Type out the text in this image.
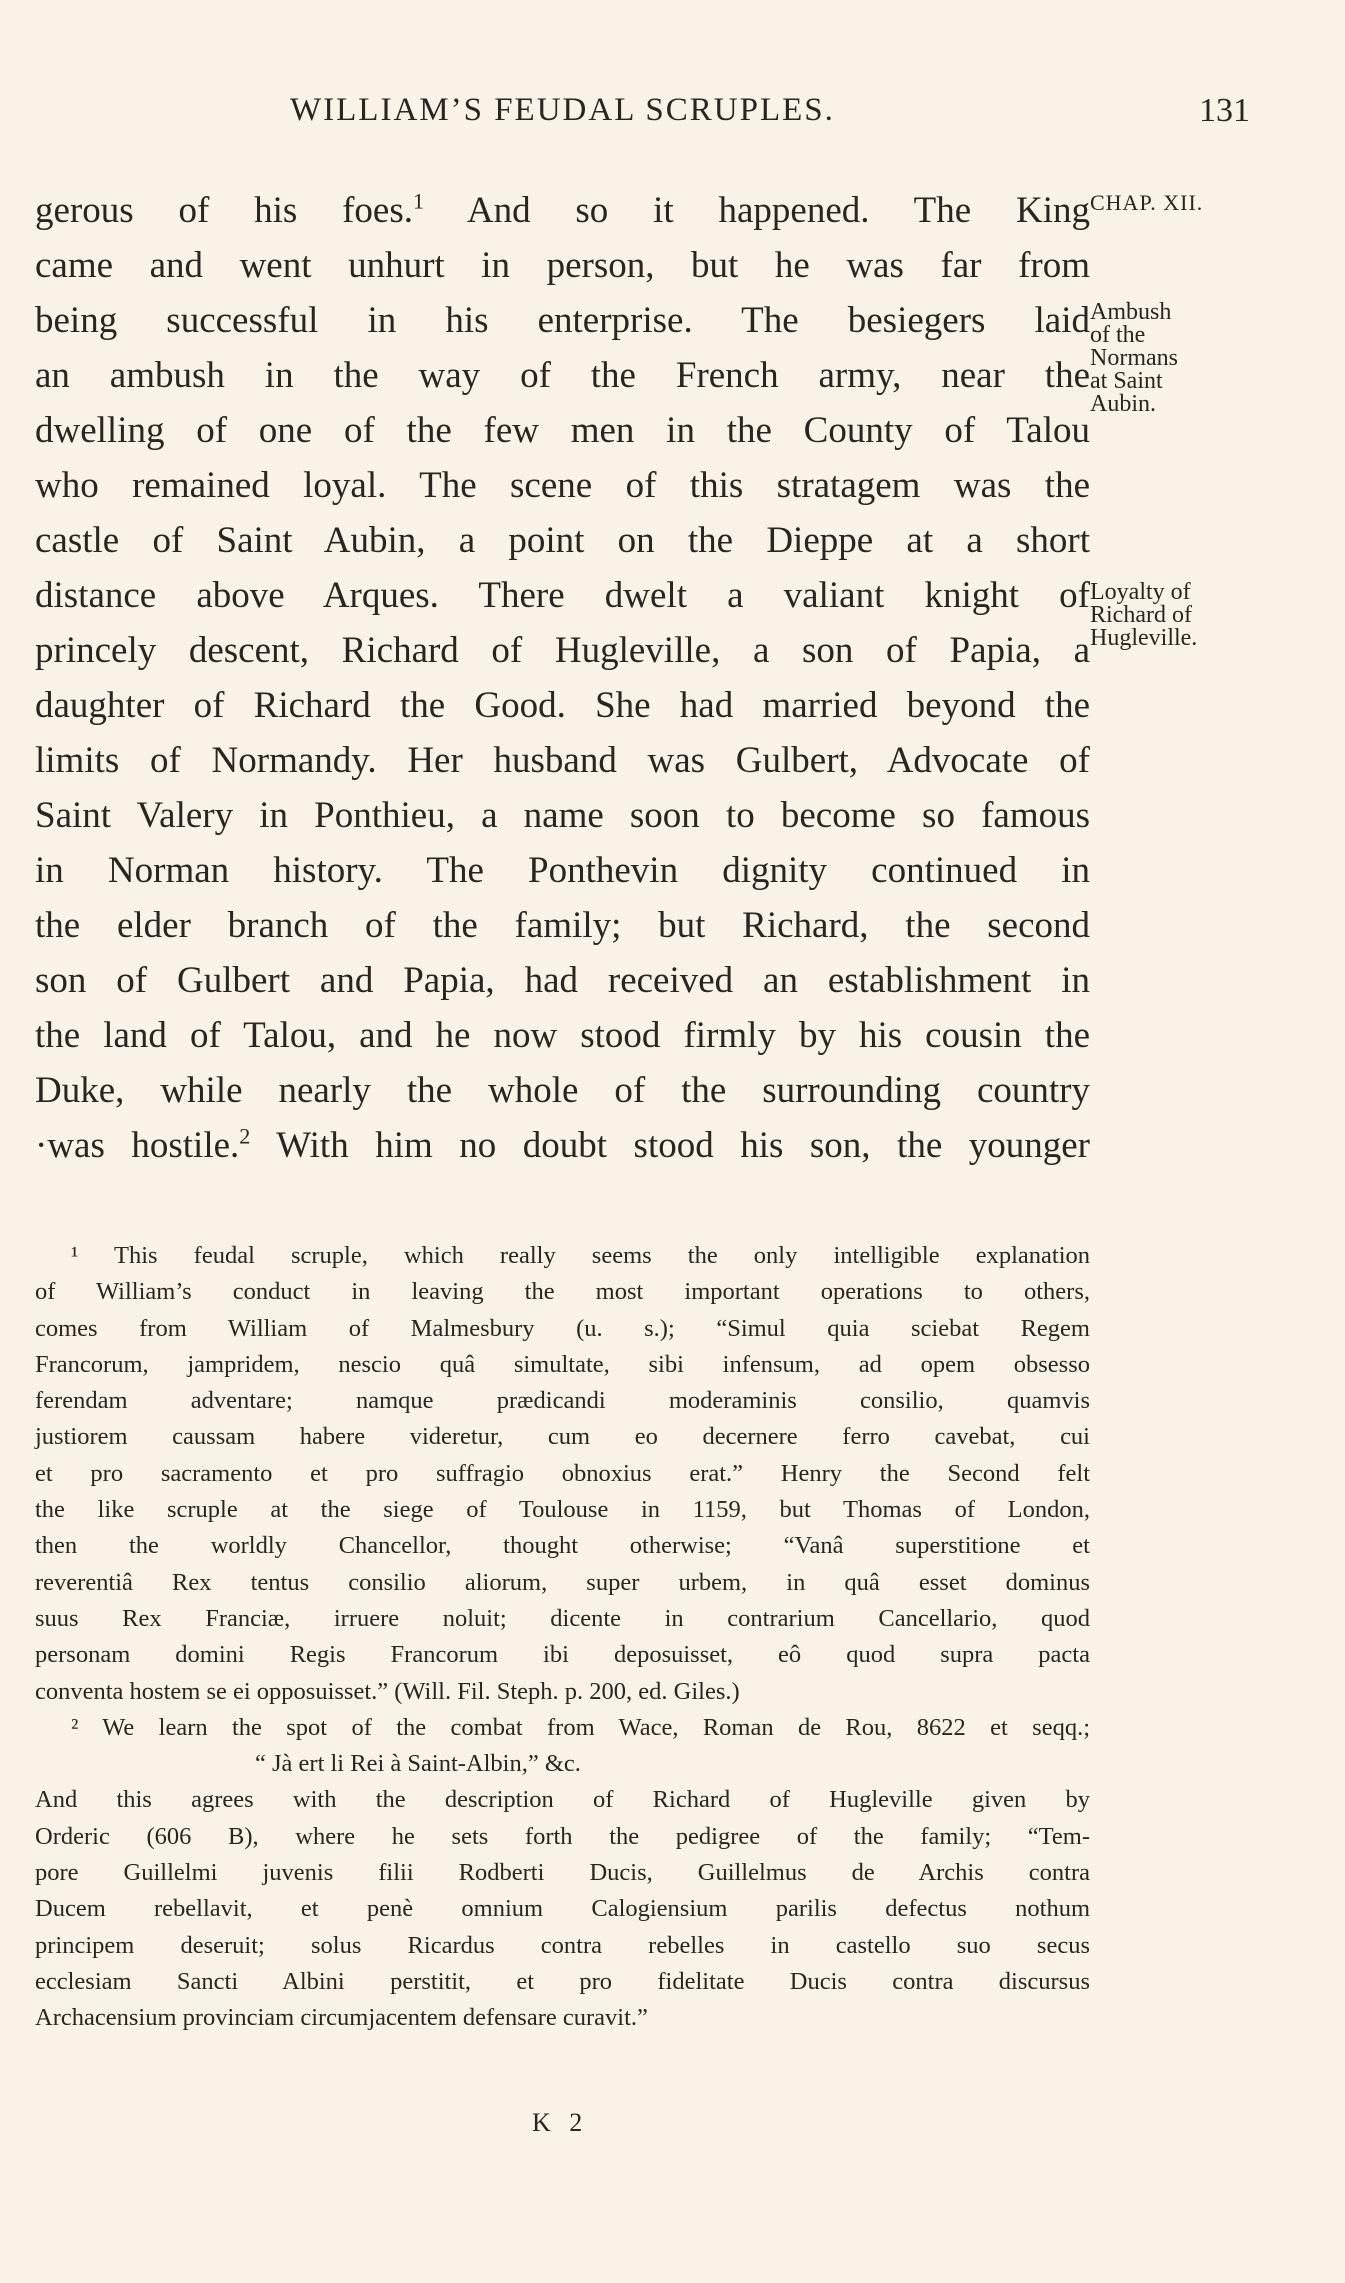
WILLIAM’S FEUDAL SCRUPLES.	131
gerous of his foes.$^1$ And so it happened. The King
came and went unhurt in person, but he was far from
being successful in his enterprise. The besiegers laid
an ambush in the way of the French army, near the
dwelling of one of the few men in the County of Talou
who remained loyal. The scene of this stratagem was the
castle of Saint Aubin, a point on the Dieppe at a short
distance above Arques. There dwelt a valiant knight of
princely descent, Richard of Hugleville, a son of Papia, a
daughter of Richard the Good. She had married beyond the
limits of Normandy. Her husband was Gulbert, Advocate of
Saint Valery in Ponthieu, a name soon to become so famous
in Norman history. The Ponthevin dignity continued in
the elder branch of the family; but Richard, the second
son of Gulbert and Papia, had received an establishment in
the land of Talou, and he now stood firmly by his cousin the
Duke, while nearly the whole of the surrounding country
·was hostile.$^2$ With him no doubt stood his son, the younger
CHAP. XII.
Ambush
of the
Normans
at Saint
Aubin.
Loyalty of
Richard of
Hugleville.
¹ This feudal scruple, which really seems the only intelligible explanation
of William’s conduct in leaving the most important operations to others,
comes from William of Malmesbury (u. s.); “Simul quia sciebat Regem
Francorum, jampridem, nescio quâ simultate, sibi infensum, ad opem obsesso
ferendam adventare; namque prædicandi moderaminis consilio, quamvis
justiorem caussam habere videretur, cum eo decernere ferro cavebat, cui
et pro sacramento et pro suffragio obnoxius erat.” Henry the Second felt
the like scruple at the siege of Toulouse in 1159, but Thomas of London,
then the worldly Chancellor, thought otherwise; “Vanâ superstitione et
reverentiâ Rex tentus consilio aliorum, super urbem, in quâ esset dominus
suus Rex Franciæ, irruere noluit; dicente in contrarium Cancellario, quod
personam domini Regis Francorum ibi deposuisset, eô quod supra pacta
conventa hostem se ei opposuisset.” (Will. Fil. Steph. p. 200, ed. Giles.)
² We learn the spot of the combat from Wace, Roman de Rou, 8622 et seqq.;
“ Jà ert li Rei à Saint-Albin,” &c.
And this agrees with the description of Richard of Hugleville given by
Orderic (606 B), where he sets forth the pedigree of the family; “Tem-
pore Guillelmi juvenis filii Rodberti Ducis, Guillelmus de Archis contra
Ducem rebellavit, et penè omnium Calogiensium parilis defectus nothum
principem deseruit; solus Ricardus contra rebelles in castello suo secus
ecclesiam Sancti Albini perstitit, et pro fidelitate Ducis contra discursus
Archacensium provinciam circumjacentem defensare curavit.”
K 2
